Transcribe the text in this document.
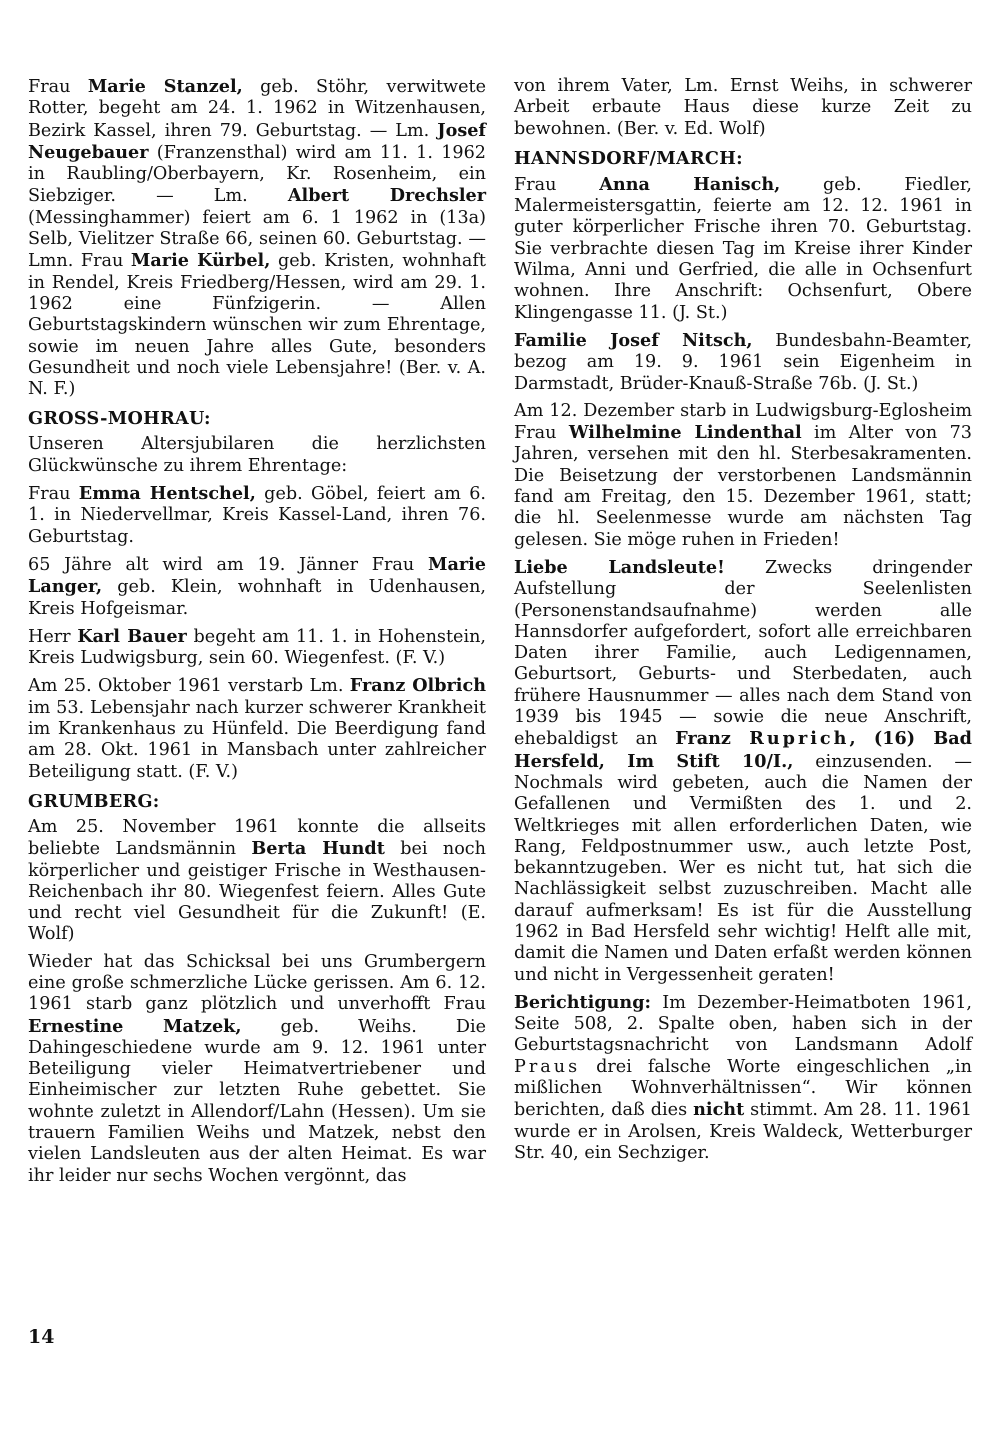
Frau Marie Stanzel, geb. Stöhr, verwitwete Rotter, begeht am 24. 1. 1962 in Witzenhausen, Bezirk Kassel, ihren 79. Geburtstag. — Lm. Josef Neugebauer (Franzensthal) wird am 11. 1. 1962 in Raubling/Oberbayern, Kr. Rosenheim, ein Siebziger. — Lm. Albert Drechsler (Messinghammer) feiert am 6. 1 1962 in (13a) Selb, Vielitzer Straße 66, seinen 60. Geburtstag. — Lmn. Frau Marie Kürbel, geb. Kristen, wohnhaft in Rendel, Kreis Friedberg/Hessen, wird am 29. 1. 1962 eine Fünfzigerin. — Allen Geburtstagskindern wünschen wir zum Ehrentage, sowie im neuen Jahre alles Gute, besonders Gesundheit und noch viele Lebensjahre! (Ber. v. A. N. F.)

GROSS-MOHRAU:

Unseren Altersjubilaren die herzlichsten Glückwünsche zu ihrem Ehrentage:

Frau Emma Hentschel, geb. Göbel, feiert am 6. 1. in Niedervellmar, Kreis Kassel-Land, ihren 76. Geburtstag.

65 Jähre alt wird am 19. Jänner Frau Marie Langer, geb. Klein, wohnhaft in Udenhausen, Kreis Hofgeismar.

Herr Karl Bauer begeht am 11. 1. in Hohenstein, Kreis Ludwigsburg, sein 60. Wiegenfest. (F. V.)

Am 25. Oktober 1961 verstarb Lm. Franz Olbrich im 53. Lebensjahr nach kurzer schwerer Krankheit im Krankenhaus zu Hünfeld. Die Beerdigung fand am 28. Okt. 1961 in Mansbach unter zahlreicher Beteiligung statt. (F. V.)

GRUMBERG:

Am 25. November 1961 konnte die allseits beliebte Landsmännin Berta Hundt bei noch körperlicher und geistiger Frische in Westhausen-Reichenbach ihr 80. Wiegenfest feiern. Alles Gute und recht viel Gesundheit für die Zukunft! (E. Wolf)

Wieder hat das Schicksal bei uns Grumbergern eine große schmerzliche Lücke gerissen. Am 6. 12. 1961 starb ganz plötzlich und unverhofft Frau Ernestine Matzek, geb. Weihs. Die Dahingeschiedene wurde am 9. 12. 1961 unter Beteiligung vieler Heimatvertriebener und Einheimischer zur letzten Ruhe gebettet. Sie wohnte zuletzt in Allendorf/Lahn (Hessen). Um sie trauern Familien Weihs und Matzek, nebst den vielen Landsleuten aus der alten Heimat. Es war ihr leider nur sechs Wochen vergönnt, das

von ihrem Vater, Lm. Ernst Weihs, in schwerer Arbeit erbaute Haus diese kurze Zeit zu bewohnen. (Ber. v. Ed. Wolf)

HANNSDORF/MARCH:

Frau Anna Hanisch, geb. Fiedler, Malermeistersgattin, feierte am 12. 12. 1961 in guter körperlicher Frische ihren 70. Geburtstag. Sie verbrachte diesen Tag im Kreise ihrer Kinder Wilma, Anni und Gerfried, die alle in Ochsenfurt wohnen. Ihre Anschrift: Ochsenfurt, Obere Klingengasse 11. (J. St.)

Familie Josef Nitsch, Bundesbahn-Beamter, bezog am 19. 9. 1961 sein Eigenheim in Darmstadt, Brüder-Knauß-Straße 76b. (J. St.)

Am 12. Dezember starb in Ludwigsburg-Eglosheim Frau Wilhelmine Lindenthal im Alter von 73 Jahren, versehen mit den hl. Sterbesakramenten. Die Beisetzung der verstorbenen Landsmännin fand am Freitag, den 15. Dezember 1961, statt; die hl. Seelenmesse wurde am nächsten Tag gelesen. Sie möge ruhen in Frieden!

Liebe Landsleute! Zwecks dringender Aufstellung der Seelenlisten (Personenstandsaufnahme) werden alle Hannsdorfer aufgefordert, sofort alle erreichbaren Daten ihrer Familie, auch Ledigennamen, Geburtsort, Geburts- und Sterbedaten, auch frühere Hausnummer — alles nach dem Stand von 1939 bis 1945 — sowie die neue Anschrift, ehebaldigst an Franz Ruprich, (16) Bad Hersfeld, Im Stift 10/I., einzusenden. — Nochmals wird gebeten, auch die Namen der Gefallenen und Vermißten des 1. und 2. Weltkrieges mit allen erforderlichen Daten, wie Rang, Feldpostnummer usw., auch letzte Post, bekanntzugeben. Wer es nicht tut, hat sich die Nachlässigkeit selbst zuzuschreiben. Macht alle darauf aufmerksam! Es ist für die Ausstellung 1962 in Bad Hersfeld sehr wichtig! Helft alle mit, damit die Namen und Daten erfaßt werden können und nicht in Vergessenheit geraten!

Berichtigung: Im Dezember-Heimatboten 1961, Seite 508, 2. Spalte oben, haben sich in der Geburtstagsnachricht von Landsmann Adolf Praus drei falsche Worte eingeschlichen „in mißlichen Wohnverhältnissen“. Wir können berichten, daß dies nicht stimmt. Am 28. 11. 1961 wurde er in Arolsen, Kreis Waldeck, Wetterburger Str. 40, ein Sechziger.

14
